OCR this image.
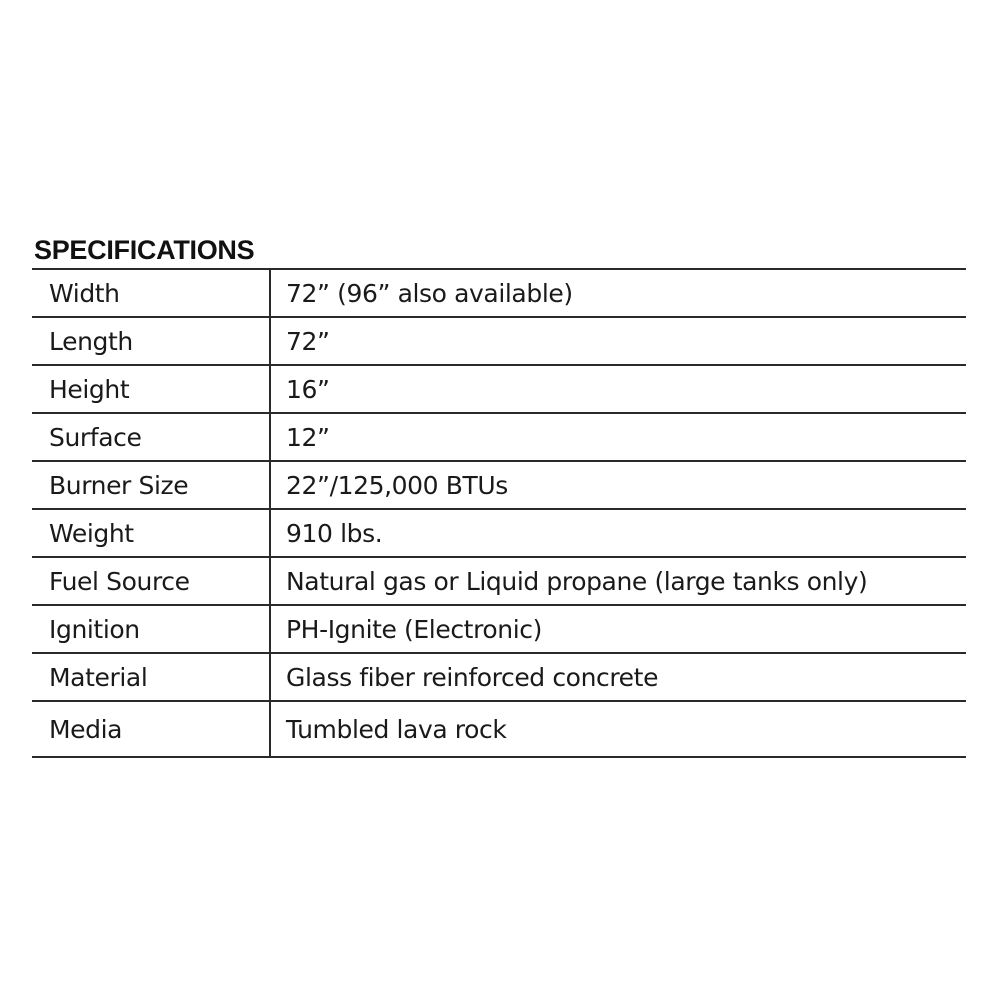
SPECIFICATIONS
Width	72” (96” also available)
Length	72”
Height	16”
Surface	12”
Burner Size	22”/125,000 BTUs
Weight	910 lbs.
Fuel Source	Natural gas or Liquid propane (large tanks only)
Ignition	PH-Ignite (Electronic)
Material	Glass fiber reinforced concrete
Media	Tumbled lava rock
